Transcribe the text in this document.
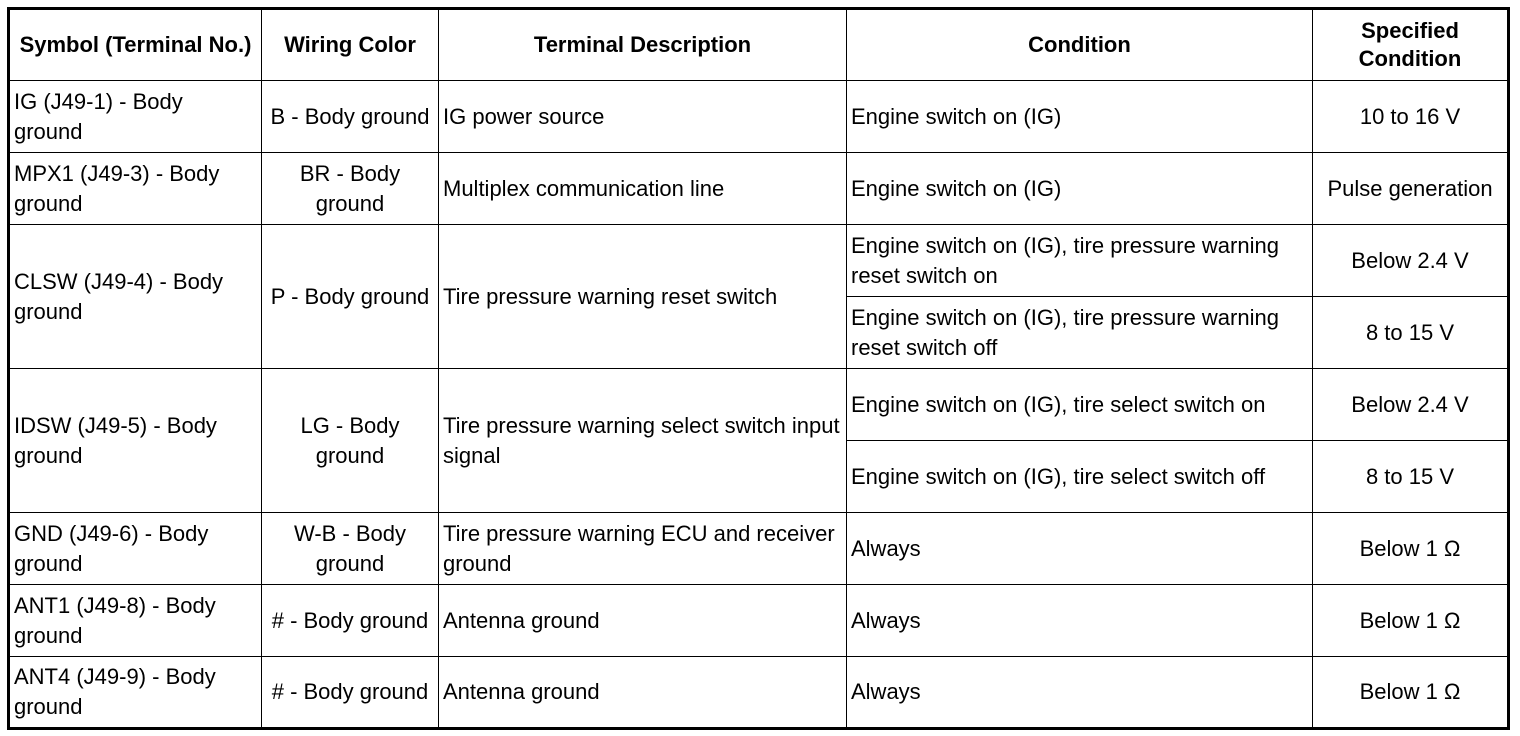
Symbol (Terminal No.)	Wiring Color	Terminal Description	Condition	Specified Condition
IG (J49-1) - Body ground	B - Body ground	IG power source	Engine switch on (IG)	10 to 16 V
MPX1 (J49-3) - Body ground	BR - Body ground	Multiplex communication line	Engine switch on (IG)	Pulse generation
CLSW (J49-4) - Body ground	P - Body ground	Tire pressure warning reset switch	Engine switch on (IG), tire pressure warning reset switch on	Below 2.4 V
			Engine switch on (IG), tire pressure warning reset switch off	8 to 15 V
IDSW (J49-5) - Body ground	LG - Body ground	Tire pressure warning select switch input signal	Engine switch on (IG), tire select switch on	Below 2.4 V
			Engine switch on (IG), tire select switch off	8 to 15 V
GND (J49-6) - Body ground	W-B - Body ground	Tire pressure warning ECU and receiver ground	Always	Below 1 Ω
ANT1 (J49-8) - Body ground	# - Body ground	Antenna ground	Always	Below 1 Ω
ANT4 (J49-9) - Body ground	# - Body ground	Antenna ground	Always	Below 1 Ω
